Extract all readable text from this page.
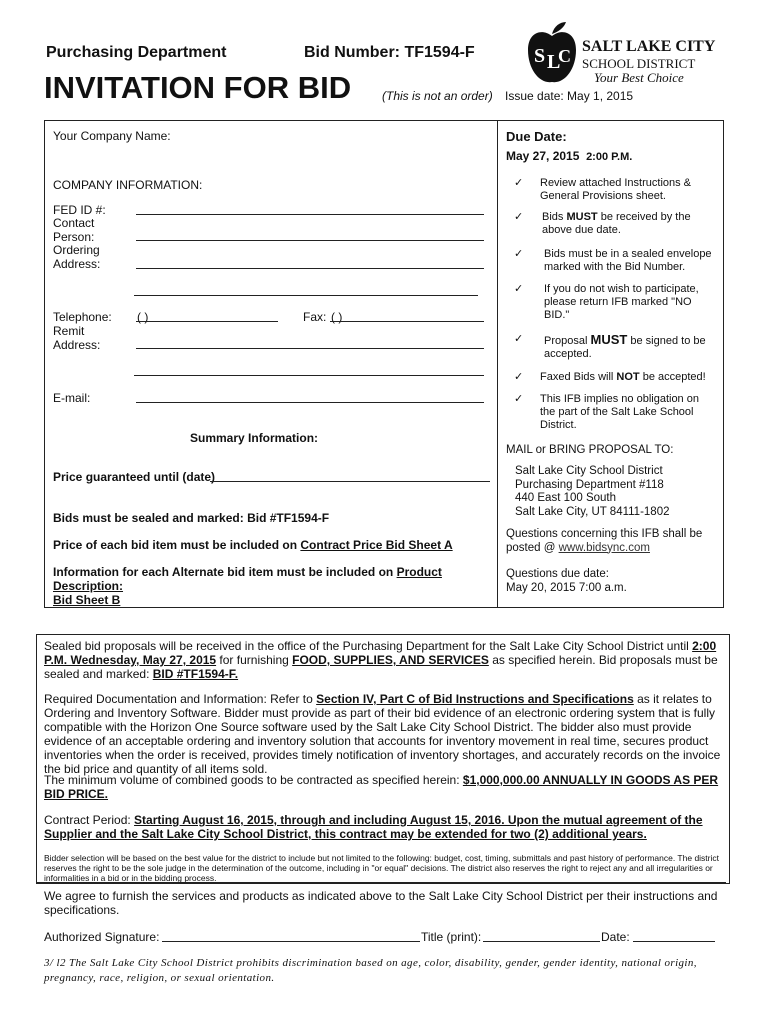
Purchasing Department	Bid Number: TF1594-F
INVITATION FOR BID	(This is not an order) Issue date: May 1, 2015
S L
C SALT LAKE CITY
SCHOOL DISTRICT
Your Best Choice
Your Company Name:
COMPANY INFORMATION:
FED ID #:
Contact
Person:
Ordering
Address:
Telephone: ( )	Fax: ( )
Remit
Address:
E-mail:
Summary Information:
Price guaranteed until (date)
Bids must be sealed and marked: Bid #TF1594-F
Price of each bid item must be included on Contract Price Bid Sheet A
Information for each Alternate bid item must be included on Product Description:
Bid Sheet B
Due Date:
May 27, 2015 2:00 P.M.
✓ Review attached Instructions & General Provisions sheet.
✓ Bids MUST be received by the above due date.
✓ Bids must be in a sealed envelope marked with the Bid Number.
✓ If you do not wish to participate, please return IFB marked "NO BID."
✓ Proposal MUST be signed to be accepted.
✓ Faxed Bids will NOT be accepted!
✓ This IFB implies no obligation on the part of the Salt Lake School District.
MAIL or BRING PROPOSAL TO:
Salt Lake City School District
Purchasing Department #118
440 East 100 South
Salt Lake City, UT 84111-1802
Questions concerning this IFB shall be posted @ www.bidsync.com
Questions due date:
May 20, 2015 7:00 a.m.
Sealed bid proposals will be received in the office of the Purchasing Department for the Salt Lake City School District until 2:00 P.M. Wednesday, May 27, 2015 for furnishing FOOD, SUPPLIES, AND SERVICES as specified herein. Bid proposals must be sealed and marked: BID #TF1594-F.
Required Documentation and Information: Refer to Section IV, Part C of Bid Instructions and Specifications as it relates to Ordering and Inventory Software. Bidder must provide as part of their bid evidence of an electronic ordering system that is fully compatible with the Horizon One Source software used by the Salt Lake City School District. The bidder also must provide evidence of an acceptable ordering and inventory solution that accounts for inventory movement in real time, secures product inventories when the order is received, provides timely notification of inventory shortages, and accurately records on the invoice the bid price and quantity of all items sold.
The minimum volume of combined goods to be contracted as specified herein: $1,000,000.00 ANNUALLY IN GOODS AS PER BID PRICE.
Contract Period: Starting August 16, 2015, through and including August 15, 2016. Upon the mutual agreement of the Supplier and the Salt Lake City School District, this contract may be extended for two (2) additional years.
Bidder selection will be based on the best value for the district to include but not limited to the following: budget, cost, timing, submittals and past history of performance. The district reserves the right to be the sole judge in the determination of the outcome, including in "or equal" decisions. The district also reserves the right to reject any and all irregularities or informalities in a bid or in the bidding process.
We agree to furnish the services and products as indicated above to the Salt Lake City School District per their instructions and specifications.
Authorized Signature:	Title (print):	Date:
3/ l2 The Salt Lake City School District prohibits discrimination based on age, color, disability, gender, gender identity, national origin, pregnancy, race, religion, or sexual orientation.
